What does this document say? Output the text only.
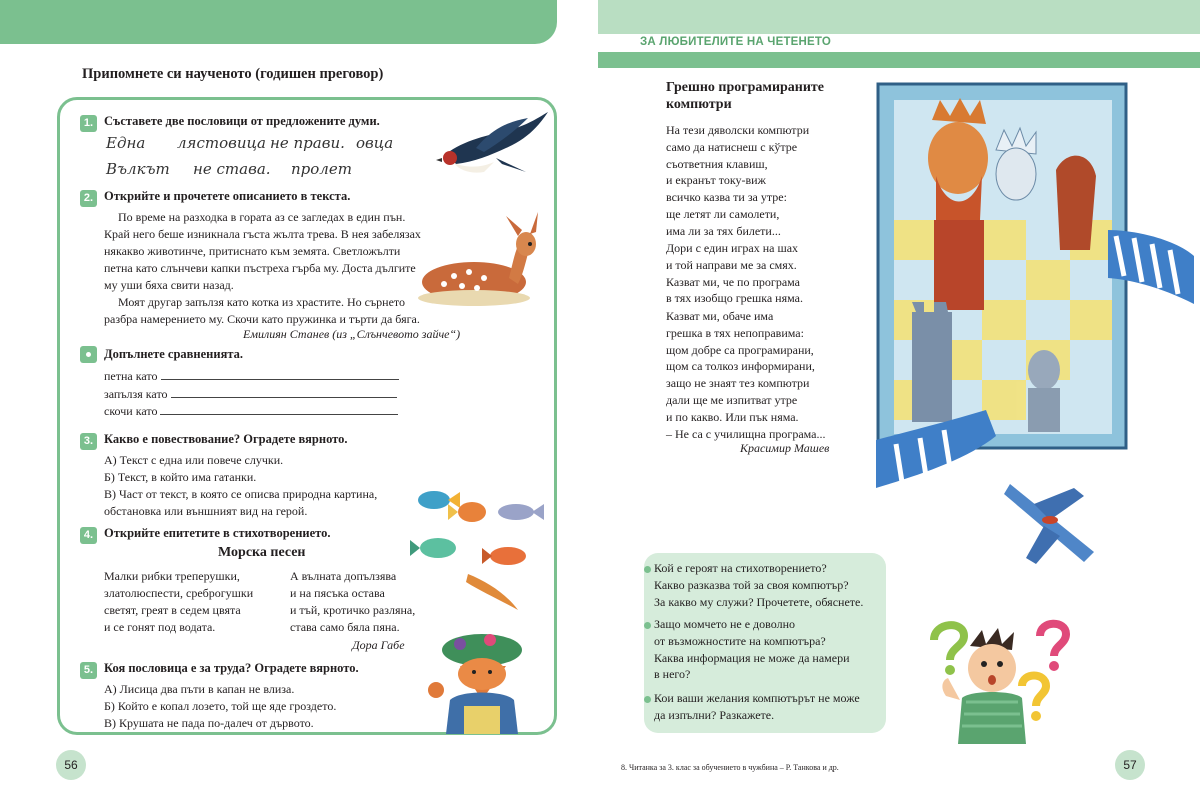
ЗА ЛЮБИТЕЛИТЕ НА ЧЕТЕНЕТО
Припомнете си наученото (годишен преговор)
1. Съставете две пословици от предложените думи.
Една лястовица не прави. овца
Вълкът не става. пролет
2. Открийте и прочетете описанието в текста.
По време на разходка в гората аз се загледах в един пън.
Край него беше изникнала гъста жълта трева. В нея забелязах
някакво животинче, притиснато към земята. Светложълти
петна като слънчеви капки пъстреха гърба му. Доста дългите
му уши бяха свити назад.
Моят другар запълзя като котка из храстите. Но сърнето
разбра намерението му. Скочи като пружинка и търти да бяга.
Емилиян Станев (из „Слънчевото зайче“)
Допълнете сравненията.
петна като
запълзя като
скочи като
3. Какво е повествование? Оградете вярното.
А) Текст с една или повече случки.
Б) Текст, в който има гатанки.
В) Част от текст, в която се описва природна картина,
обстановка или външният вид на герой.
4. Открийте епитетите в стихотворението.
Морска песен
Малки рибки треперушки,
златолюспести, среброгушки
светят, греят в седем цвята
и се гонят под водата.
А вълната допълзява
и на пясъка остава
и тъй, кротичко разляна,
става само бяла пяна.
Дора Габе
5. Коя пословица е за труда? Оградете вярното.
А) Лисица два пъти в капан не влиза.
Б) Който е копал лозето, той ще яде гроздето.
В) Крушата не пада по-далеч от дървото.
56
Грешно програмираните
компютри
На тези дяволски компютри
само да натиснеш с кўтре
съответния клавиш,
и екранът току-виж
всичко казва ти за утре:
ще летят ли самолети,
има ли за тях билети...
Дори с един играх на шах
и той направи ме за смях.
Казват ми, че по програма
в тях изобщо грешка няма.
Казват ми, обаче има
грешка в тях непоправима:
щом добре са програмирани,
щом са толкоз информирани,
защо не знаят тез компютри
дали ще ме изпитват утре
и по какво. Или пък няма.
– Не са с училищна програма...
Красимир Машев
Кой е героят на стихотворението?
Какво разказва той за своя компютър?
За какво му служи? Прочетете, обяснете.
Защо момчето не е доволно
от възможностите на компютъра?
Каква информация не може да намери
в него?
Кои ваши желания компютърът не може
да изпълни? Разкажете.
8. Читанка за 3. клас за обучението в чужбина – Р. Танкова и др.	57
